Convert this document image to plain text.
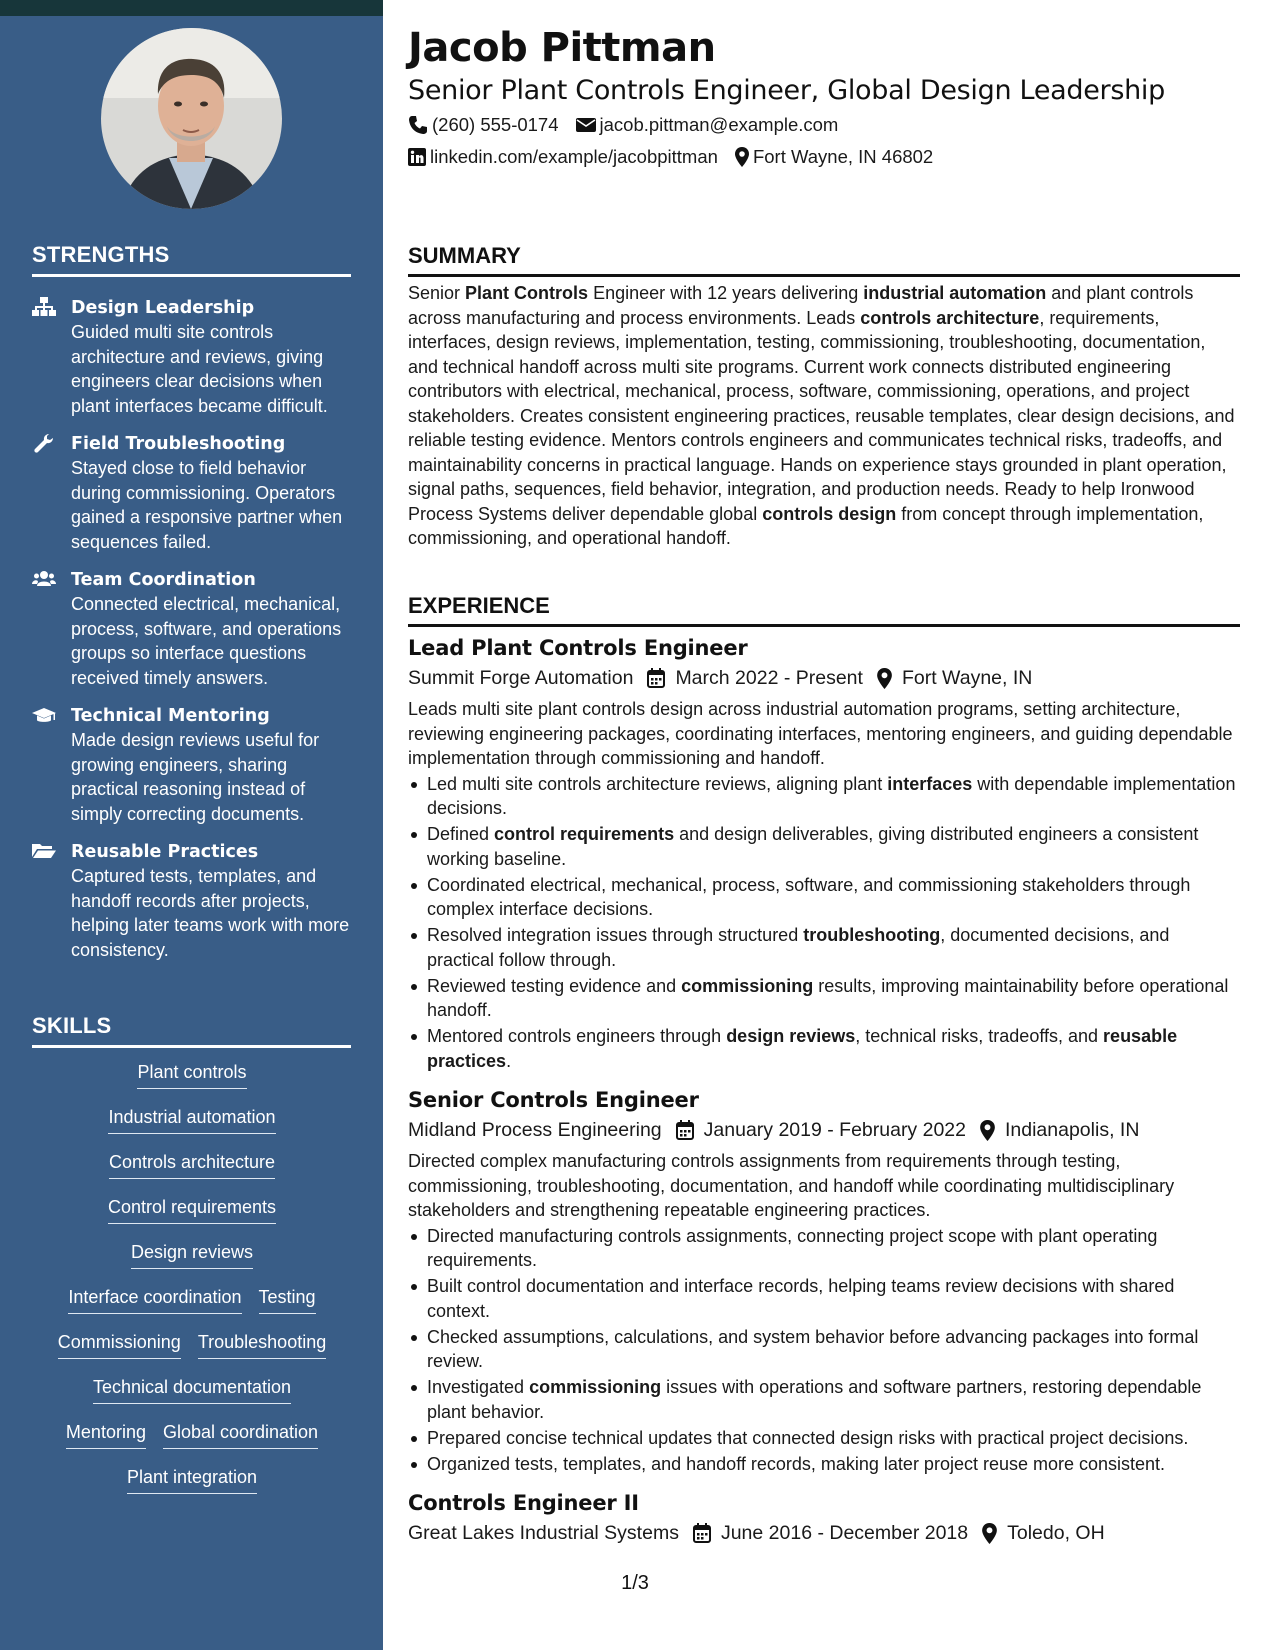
STRENGTHS
Design Leadership
Guided multi site controls architecture and reviews, giving engineers clear decisions when plant interfaces became difficult.
Field Troubleshooting
Stayed close to field behavior during commissioning. Operators gained a responsive partner when sequences failed.
Team Coordination
Connected electrical, mechanical, process, software, and operations groups so interface questions received timely answers.
Technical Mentoring
Made design reviews useful for growing engineers, sharing practical reasoning instead of simply correcting documents.
Reusable Practices
Captured tests, templates, and handoff records after projects, helping later teams work with more consistency.
SKILLS
Plant controls
Industrial automation
Controls architecture
Control requirements
Design reviews
Interface coordination Testing
Commissioning Troubleshooting
Technical documentation
Mentoring Global coordination
Plant integration
Jacob Pittman
Senior Plant Controls Engineer, Global Design Leadership
(260) 555-0174 jacob.pittman@example.com
linkedin.com/example/jacobpittman Fort Wayne, IN 46802
SUMMARY

Senior Plant Controls Engineer with 12 years delivering industrial automation and plant controls across manufacturing and process environments. Leads controls architecture, requirements, interfaces, design reviews, implementation, testing, commissioning, troubleshooting, documentation, and technical handoff across multi site programs. Current work connects distributed engineering contributors with electrical, mechanical, process, software, commissioning, operations, and project stakeholders. Creates consistent engineering practices, reusable templates, clear design decisions, and reliable testing evidence. Mentors controls engineers and communicates technical risks, tradeoffs, and maintainability concerns in practical language. Hands on experience stays grounded in plant operation, signal paths, sequences, field behavior, integration, and production needs. Ready to help Ironwood Process Systems deliver dependable global controls design from concept through implementation, commissioning, and operational handoff.

EXPERIENCE
Lead Plant Controls Engineer
Summit Forge Automation March 2022 - Present Fort Wayne, IN

Leads multi site plant controls design across industrial automation programs, setting architecture, reviewing engineering packages, coordinating interfaces, mentoring engineers, and guiding dependable implementation through commissioning and handoff.

Led multi site controls architecture reviews, aligning plant interfaces with dependable implementation decisions.
Defined control requirements and design deliverables, giving distributed engineers a consistent working baseline.
Coordinated electrical, mechanical, process, software, and commissioning stakeholders through complex interface decisions.
Resolved integration issues through structured troubleshooting, documented decisions, and practical follow through.
Reviewed testing evidence and commissioning results, improving maintainability before operational handoff.
Mentored controls engineers through design reviews, technical risks, tradeoffs, and reusable practices.
Senior Controls Engineer
Midland Process Engineering January 2019 - February 2022 Indianapolis, IN

Directed complex manufacturing controls assignments from requirements through testing, commissioning, troubleshooting, documentation, and handoff while coordinating multidisciplinary stakeholders and strengthening repeatable engineering practices.

Directed manufacturing controls assignments, connecting project scope with plant operating requirements.
Built control documentation and interface records, helping teams review decisions with shared context.
Checked assumptions, calculations, and system behavior before advancing packages into formal review.
Investigated commissioning issues with operations and software partners, restoring dependable plant behavior.
Prepared concise technical updates that connected design risks with practical project decisions.
Organized tests, templates, and handoff records, making later project reuse more consistent.
Controls Engineer II
Great Lakes Industrial Systems June 2016 - December 2018 Toledo, OH
1/3
